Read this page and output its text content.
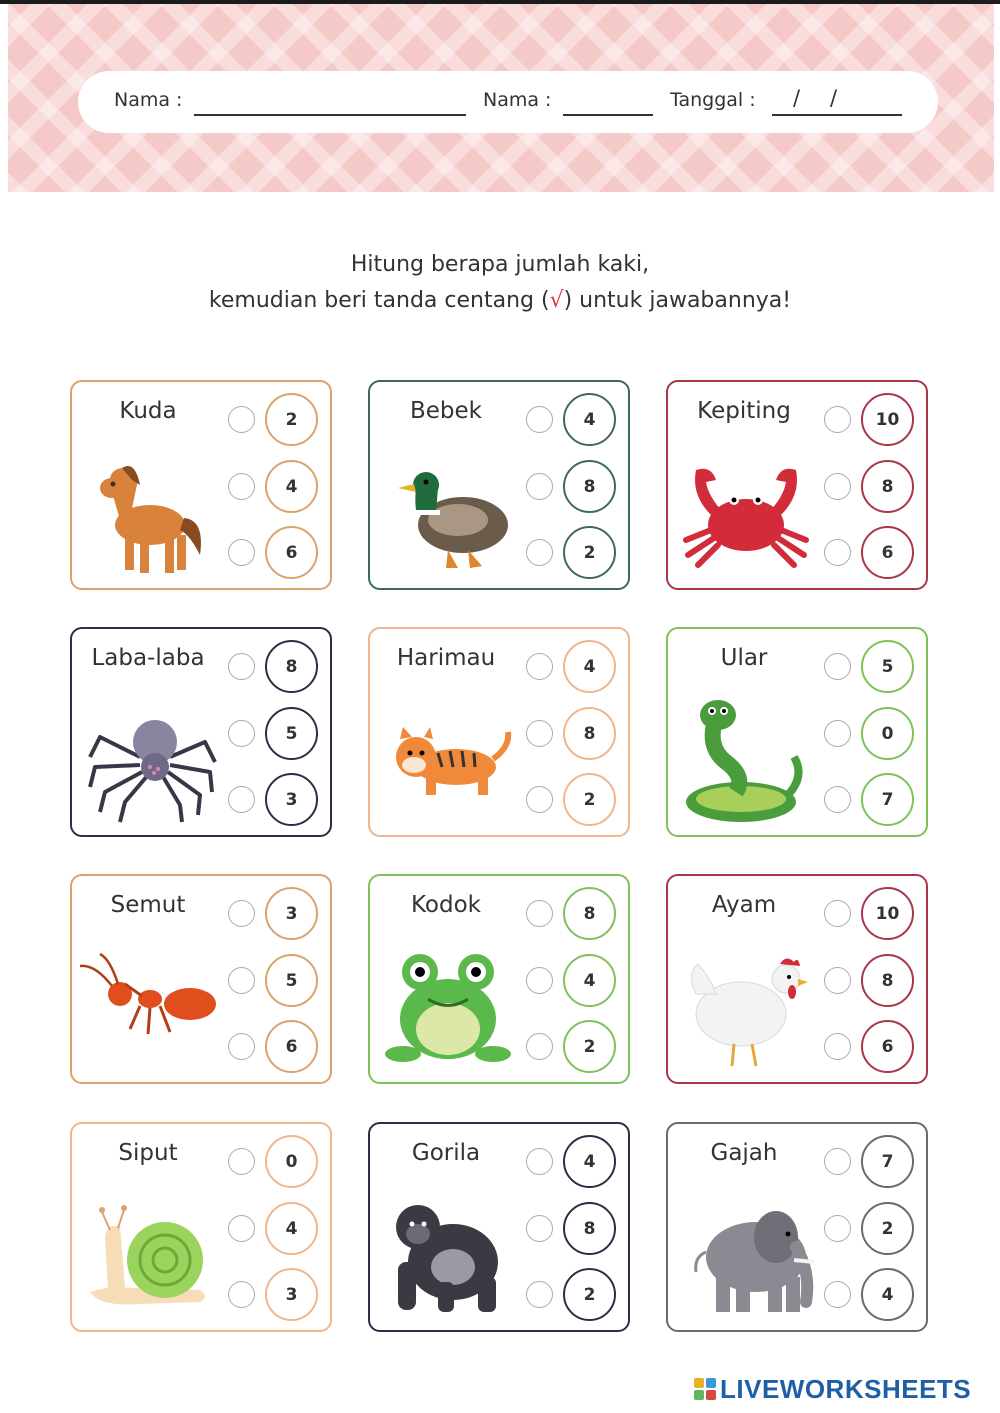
Nama :	Nama :	Tanggal : / /
Hitung berapa jumlah kaki,
kemudian beri tanda centang (√) untuk jawabannya!
Kuda	2
4
6
Bebek	4
8
2
Kepiting	10
8
6
Laba-laba	8
5
3
Harimau	4
8
2
Ular	5
0
7
Semut	3
5
6
Kodok	8
4
2
Ayam	10
8
6
Siput	0
4
3
Gorila	4
8
2
Gajah	7
2
4
LIVEWORKSHEETS
